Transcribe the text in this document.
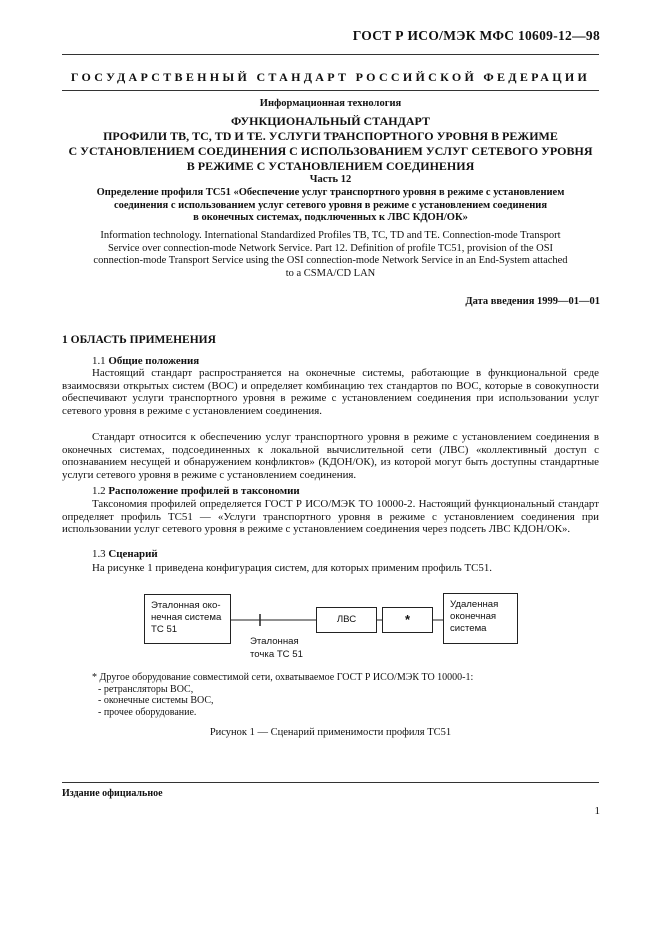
ГОСТ Р ИСО/МЭК МФС 10609-12—98
ГОСУДАРСТВЕННЫЙ СТАНДАРТ РОССИЙСКОЙ ФЕДЕРАЦИИ
Информационная технология
ФУНКЦИОНАЛЬНЫЙ СТАНДАРТ
ПРОФИЛИ ТВ, ТС, TD И ТЕ. УСЛУГИ ТРАНСПОРТНОГО УРОВНЯ В РЕЖИМЕ
С УСТАНОВЛЕНИЕМ СОЕДИНЕНИЯ С ИСПОЛЬЗОВАНИЕМ УСЛУГ СЕТЕВОГО УРОВНЯ
В РЕЖИМЕ С УСТАНОВЛЕНИЕМ СОЕДИНЕНИЯ
Часть 12
Определение профиля TC51 «Обеспечение услуг транспортного уровня в режиме с установлением
соединения с использованием услуг сетевого уровня в режиме с установлением соединения
в оконечных системах, подключенных к ЛВС КДОН/ОК»
Information technology. International Standardized Profiles TB, TC, TD and TE. Connection-mode Transport
Service over connection-mode Network Service. Part 12. Definition of profile TC51, provision of the OSI
connection-mode Transport Service using the OSI connection-mode Network Service in an End-System attached
to a CSMA/CD LAN
Дата введения 1999—01—01
1 ОБЛАСТЬ ПРИМЕНЕНИЯ
1.1 Общие положения
Настоящий стандарт распространяется на оконечные системы, работающие в функциональной среде взаимосвязи открытых систем (ВОС) и определяет комбинацию тех стандартов по ВОС, которые в совокупности обеспечивают услуги транспортного уровня в режиме с установлением соединения при использовании услуг сетевого уровня в режиме с установлением соединения.
Стандарт относится к обеспечению услуг транспортного уровня в режиме с установлением соединения в оконечных системах, подсоединенных к локальной вычислительной сети (ЛВС) «коллективный доступ с опознаванием несущей и обнаружением конфликтов» (КДОН/ОК), из которой могут быть доступны стандартные услуги сетевого уровня в режиме с установлением соединения.
1.2 Расположение профилей в таксономии
Таксономия профилей определяется ГОСТ Р ИСО/МЭК ТО 10000-2. Настоящий функциональный стандарт определяет профиль TC51 — «Услуги транспортного уровня в режиме с установлением соединения при использовании услуг сетевого уровня в режиме с установлением соединения через подсеть ЛВС КДОН/ОК».
1.3 Сценарий
На рисунке 1 приведена конфигурация систем, для которых применим профиль TC51.
Эталонная око-
нечная система
TC 51
ЛВС	*
Удаленная
оконечная
система
Эталонная
точка TC 51
* Другое оборудование совместимой сети, охватываемое ГОСТ Р ИСО/МЭК ТО 10000-1:
- ретрансляторы ВОС,
- оконечные системы ВОС,
- прочее оборудование.
Рисунок 1 — Сценарий применимости профиля TC51
Издание официальное
1
